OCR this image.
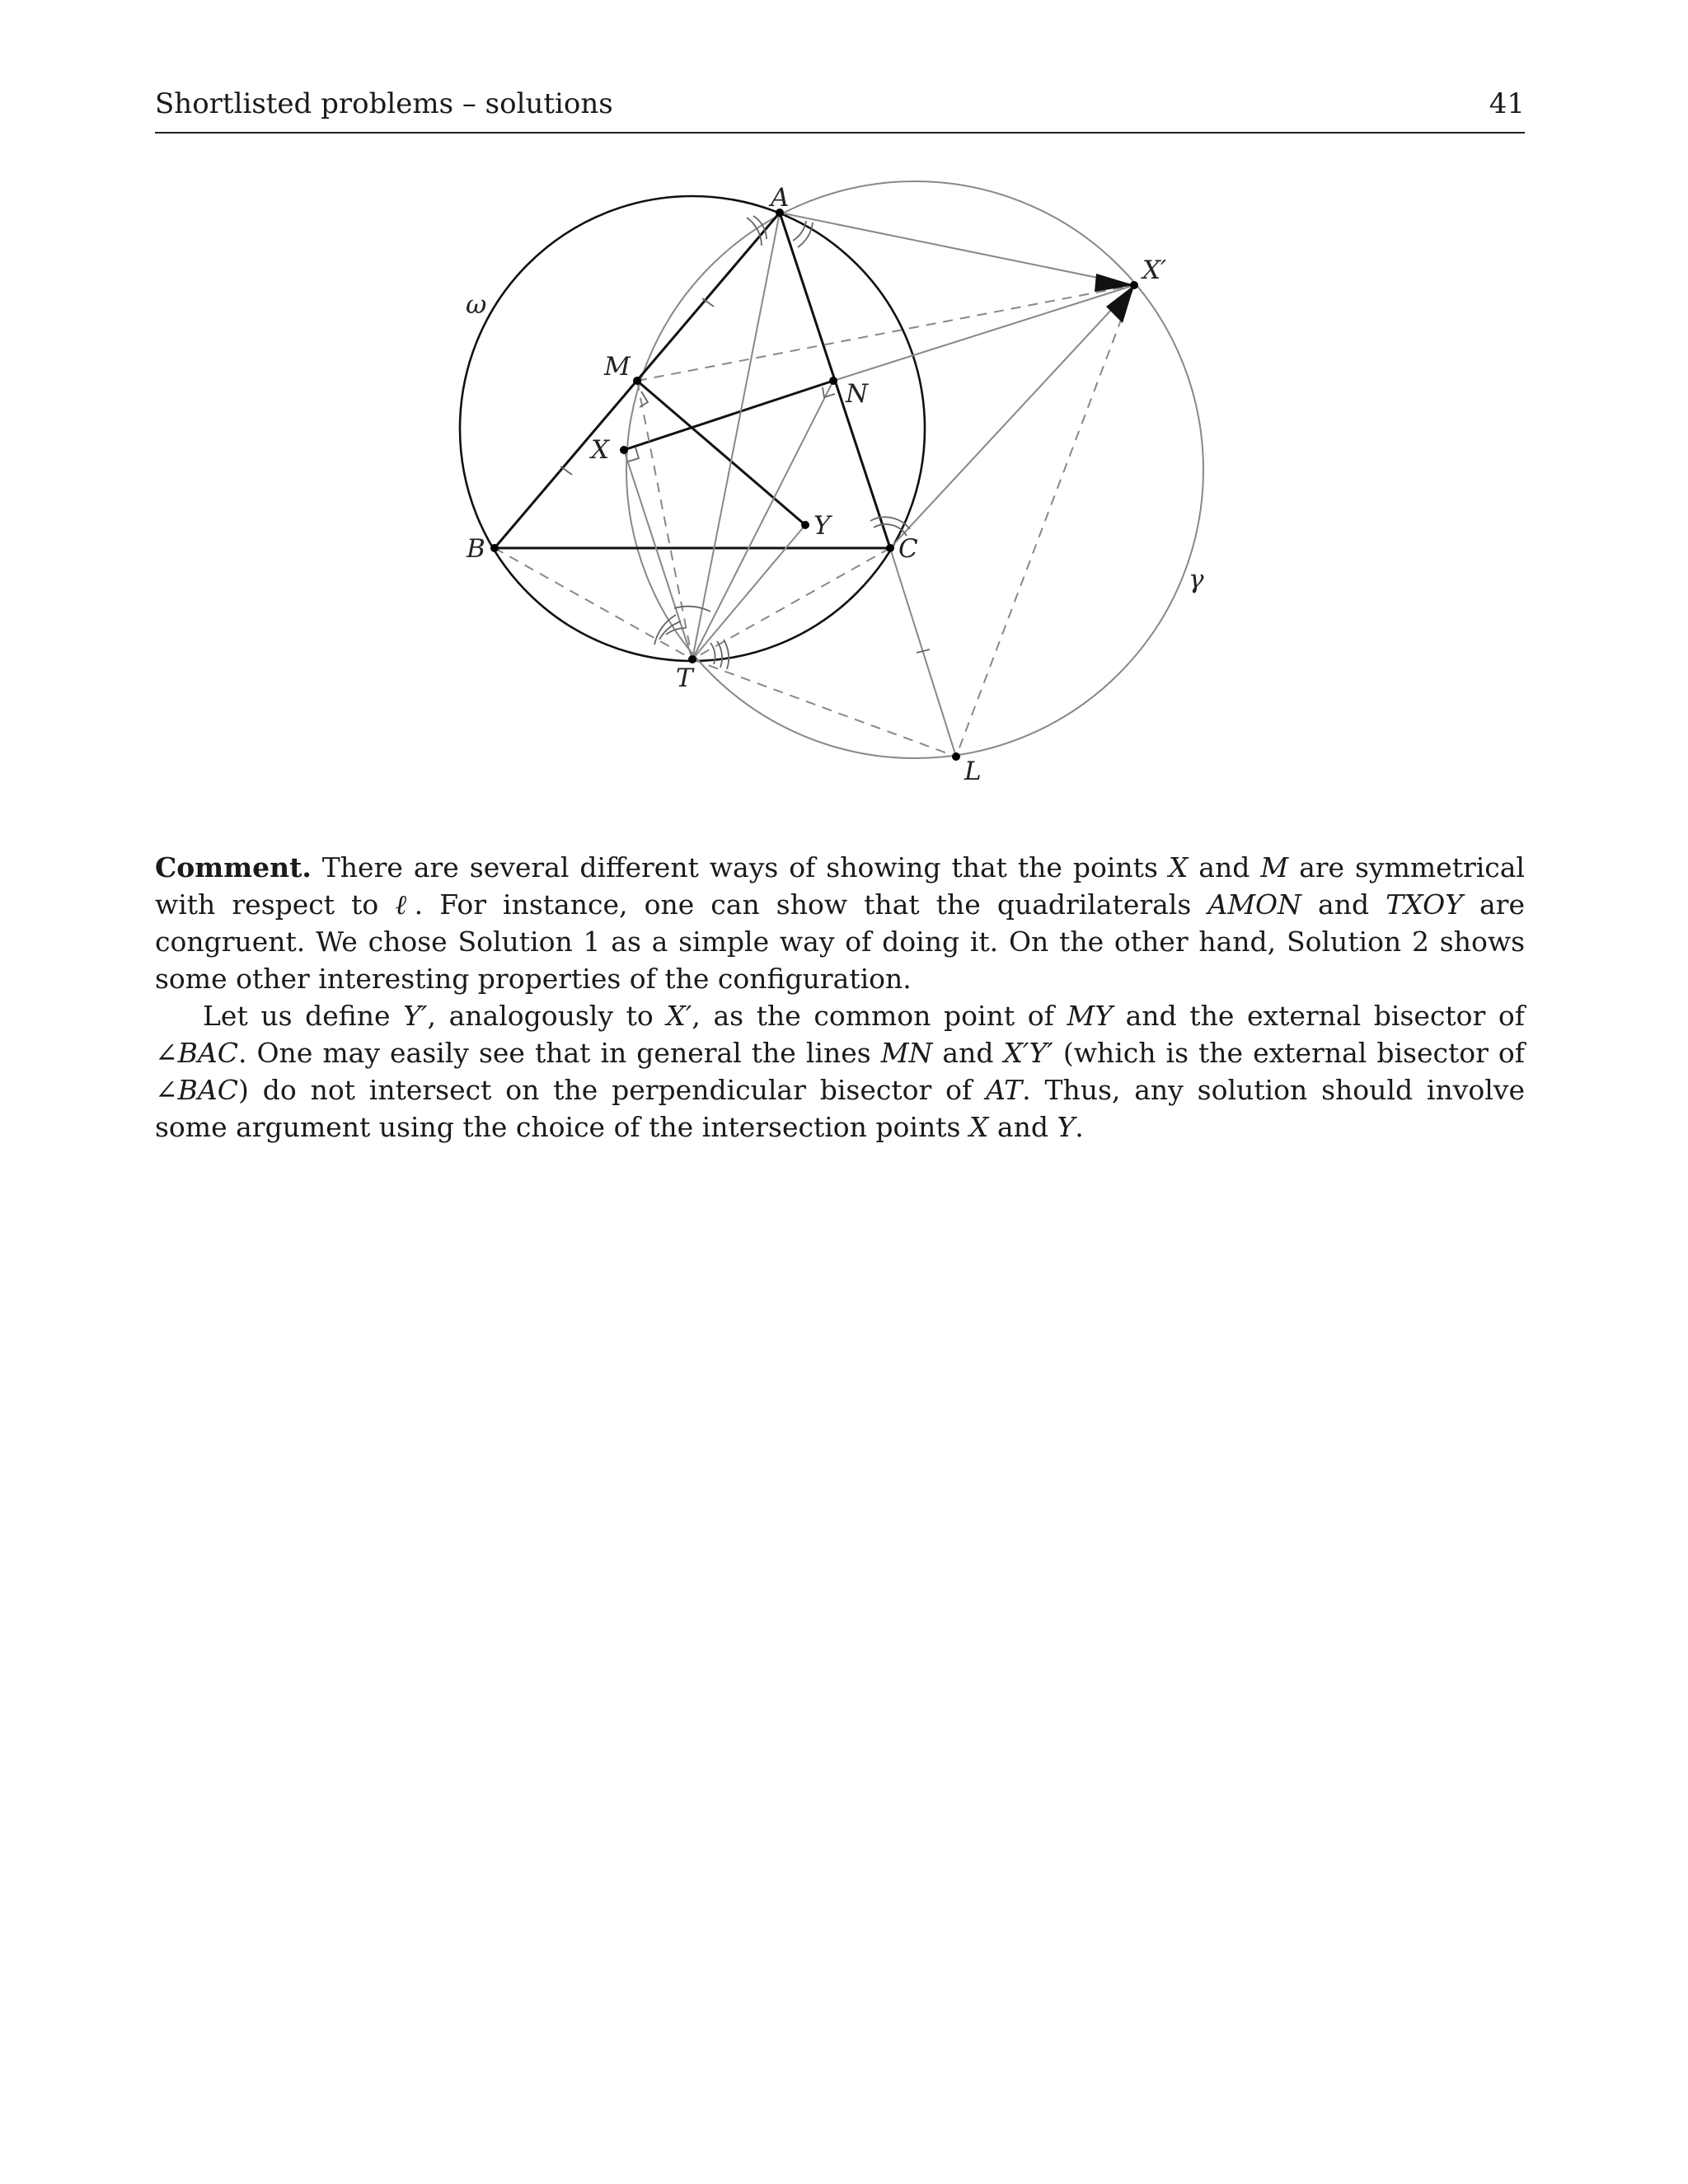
Shortlisted problems – solutions	41
A
X′
ω
M
N
X
Y
B	C
γ
T
L

Comment. There are several different ways of showing that the points X and M are symmetrical with respect to ℓ. For instance, one can show that the quadrilaterals AMON and TXOY are congruent. We chose Solution 1 as a simple way of doing it. On the other hand, Solution 2 shows some other interesting properties of the configuration.

Let us define Y′, analogously to X′, as the common point of MY and the external bisector of ∠BAC. One may easily see that in general the lines MN and X′Y′ (which is the external bisector of ∠BAC) do not intersect on the perpendicular bisector of AT. Thus, any solution should involve some argument using the choice of the intersection points X and Y.
